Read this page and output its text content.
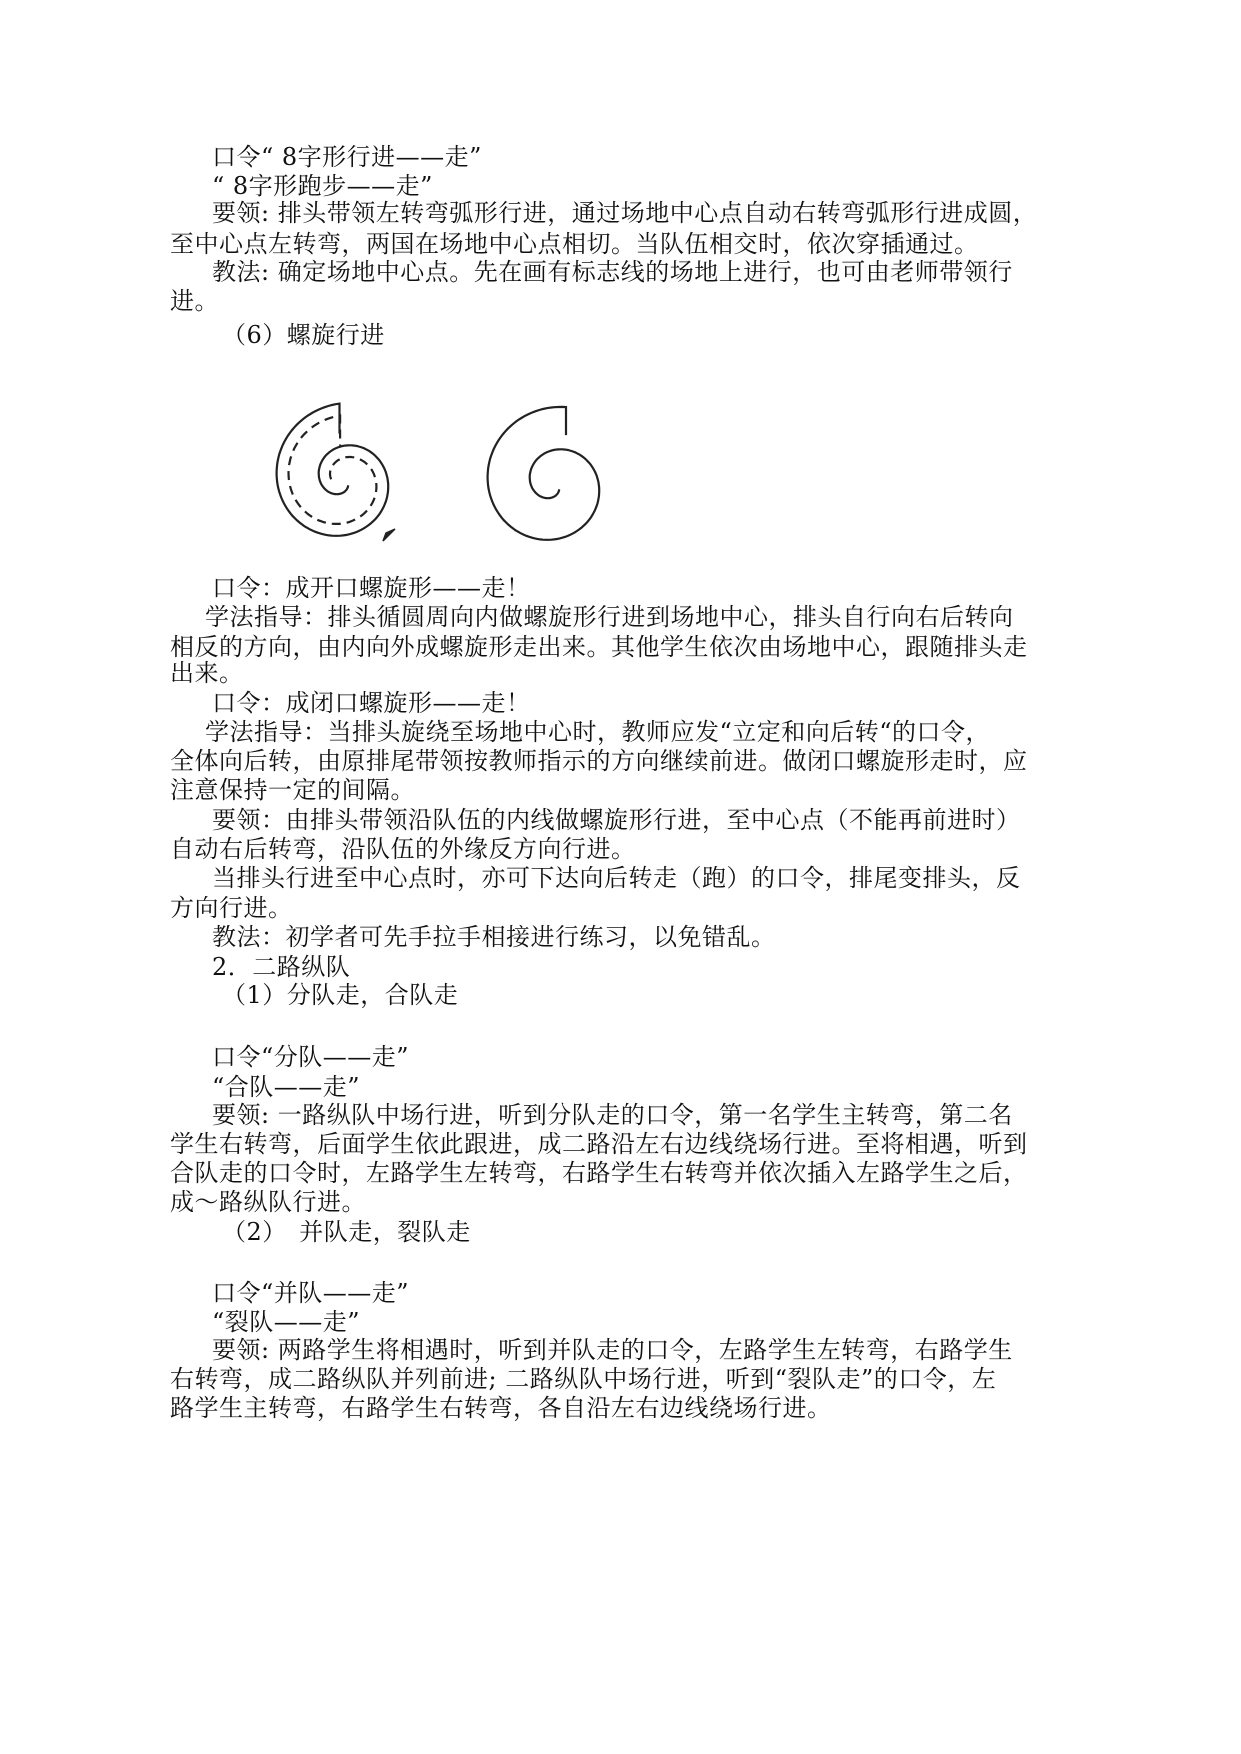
口令“ 8字形行进——走”
“ 8字形跑步——走”
要领: 排头带领左转弯弧形行进，通过场地中心点自动右转弯弧形行进成圆，
至中心点左转弯，两国在场地中心点相切。当队伍相交时，依次穿插通过。
教法: 确定场地中心点。先在画有标志线的场地上进行，也可由老师带领行
进。
（6）螺旋行进
口令：成开口螺旋形——走！
学法指导：排头循圆周向内做螺旋形行进到场地中心，排头自行向右后转向
相反的方向，由内向外成螺旋形走出来。其他学生依次由场地中心，跟随排头走
出来。
口令：成闭口螺旋形——走！
学法指导：当排头旋绕至场地中心时，教师应发“立定和向后转“的口令，
全体向后转，由原排尾带领按教师指示的方向继续前进。做闭口螺旋形走时，应
注意保持一定的间隔。
要领：由排头带领沿队伍的内线做螺旋形行进，至中心点（不能再前进时）
自动右后转弯，沿队伍的外缘反方向行进。
当排头行进至中心点时，亦可下达向后转走（跑）的口令，排尾变排头，反
方向行进。
教法：初学者可先手拉手相接进行练习，以免错乱。
2．二路纵队
（1）分队走，合队走
口令“分队——走”
“合队——走”
要领: 一路纵队中场行进，听到分队走的口令，第一名学生主转弯，第二名
学生右转弯，后面学生依此跟进，成二路沿左右边线绕场行进。至将相遇，听到
合队走的口令时，左路学生左转弯，右路学生右转弯并依次插入左路学生之后，
成～路纵队行进。
（2）　并队走，裂队走
口令“并队——走”
“裂队——走”
要领: 两路学生将相遇时，听到并队走的口令，左路学生左转弯，右路学生
右转弯，成二路纵队并列前进; 二路纵队中场行进，听到“裂队走”的口令，左
路学生主转弯，右路学生右转弯，各自沿左右边线绕场行进。
